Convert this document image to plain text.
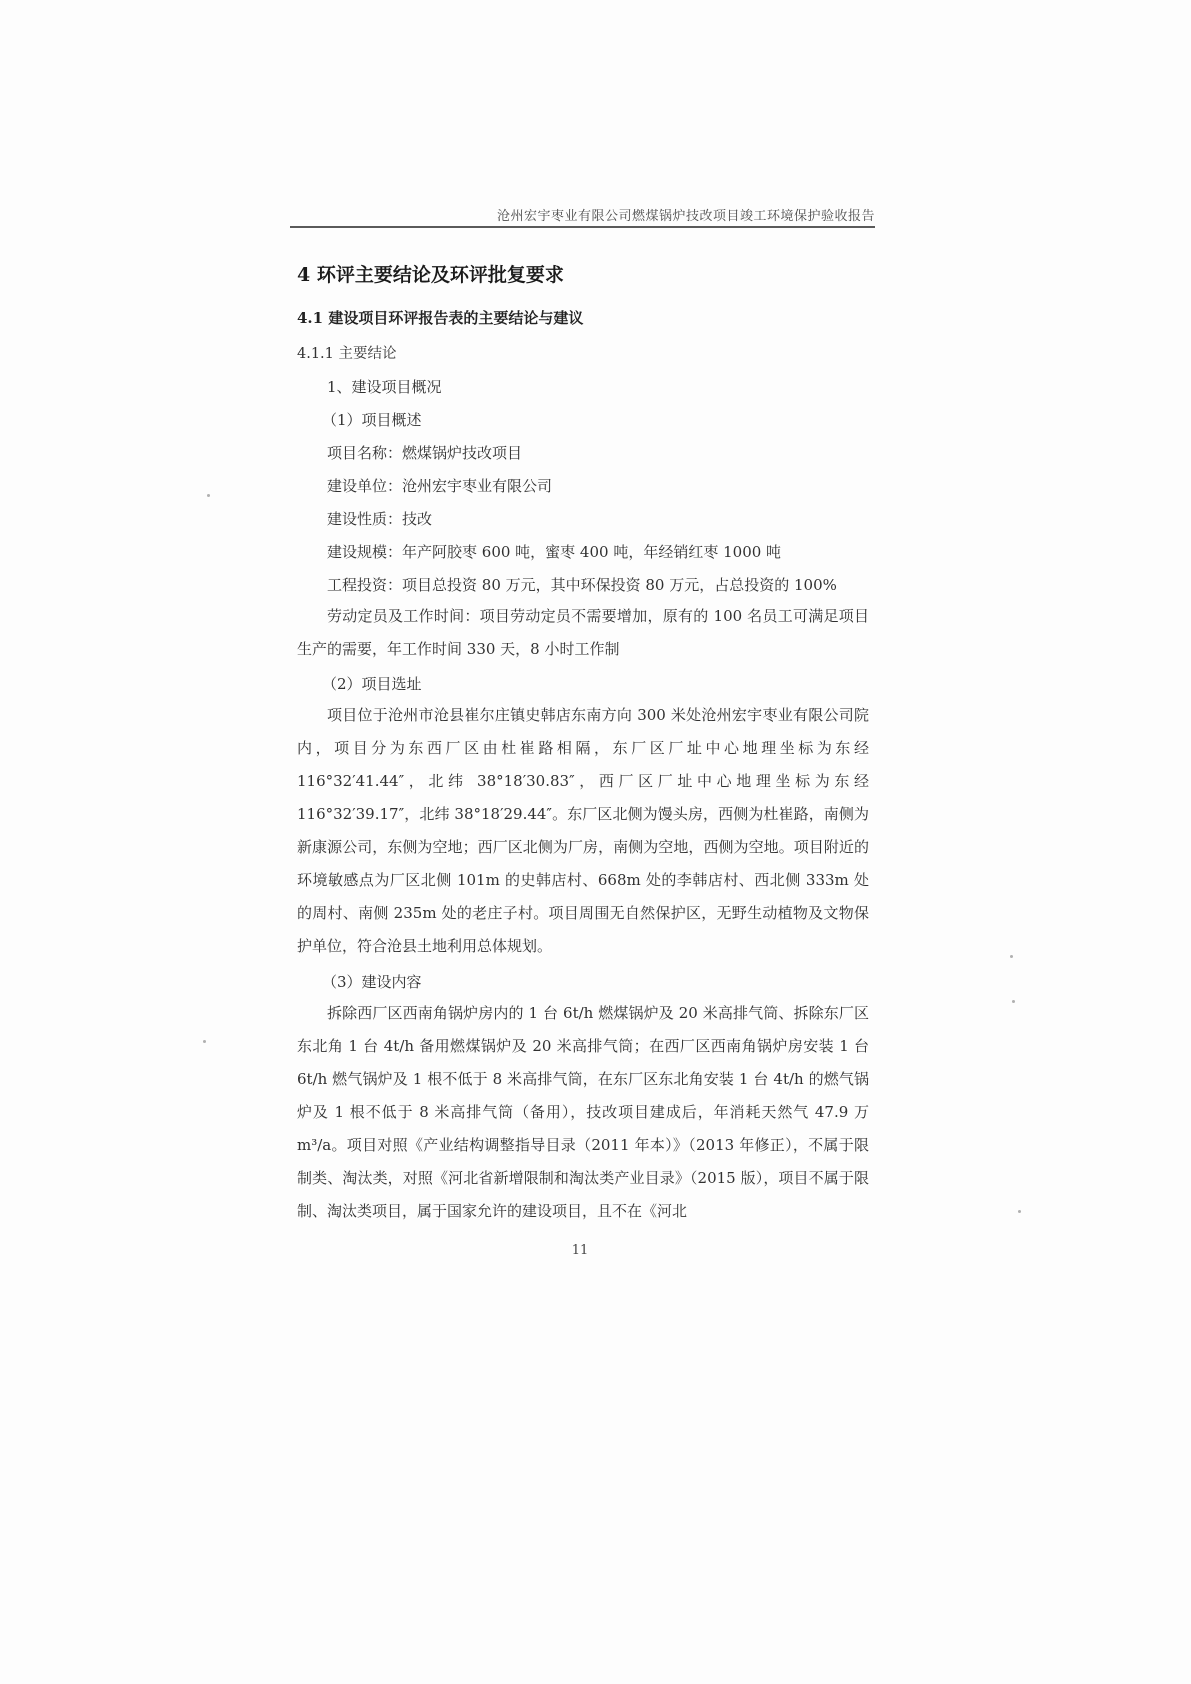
沧州宏宇枣业有限公司燃煤锅炉技改项目竣工环境保护验收报告
4 环评主要结论及环评批复要求
4.1 建设项目环评报告表的主要结论与建议
4.1.1 主要结论
1、建设项目概况
（1）项目概述
项目名称：燃煤锅炉技改项目
建设单位：沧州宏宇枣业有限公司
建设性质：技改
建设规模：年产阿胶枣 600 吨，蜜枣 400 吨，年经销红枣 1000 吨
工程投资：项目总投资 80 万元，其中环保投资 80 万元，占总投资的 100%
劳动定员及工作时间：项目劳动定员不需要增加，原有的 100 名员工可满足项目生产的需要，年工作时间 330 天，8 小时工作制
（2）项目选址
项目位于沧州市沧县崔尔庄镇史韩店东南方向 300 米处沧州宏宇枣业有限公司院内，项目分为东西厂区由杜崔路相隔，东厂区厂址中心地理坐标为东经 116°32′41.44″，北纬 38°18′30.83″，西厂区厂址中心地理坐标为东经 116°32′39.17″，北纬 38°18′29.44″。东厂区北侧为馒头房，西侧为杜崔路，南侧为新康源公司，东侧为空地；西厂区北侧为厂房，南侧为空地，西侧为空地。项目附近的环境敏感点为厂区北侧 101m 的史韩店村、668m 处的李韩店村、西北侧 333m 处的周村、南侧 235m 处的老庄子村。项目周围无自然保护区，无野生动植物及文物保护单位，符合沧县土地利用总体规划。
（3）建设内容
拆除西厂区西南角锅炉房内的 1 台 6t/h 燃煤锅炉及 20 米高排气筒、拆除东厂区东北角 1 台 4t/h 备用燃煤锅炉及 20 米高排气筒；在西厂区西南角锅炉房安装 1 台 6t/h 燃气锅炉及 1 根不低于 8 米高排气筒，在东厂区东北角安装 1 台 4t/h 的燃气锅炉及 1 根不低于 8 米高排气筒（备用），技改项目建成后，年消耗天然气 47.9 万 m³/a。项目对照《产业结构调整指导目录（2011 年本）》（2013 年修正），不属于限制类、淘汰类，对照《河北省新增限制和淘汰类产业目录》（2015 版），项目不属于限制、淘汰类项目，属于国家允许的建设项目，且不在《河北
11
